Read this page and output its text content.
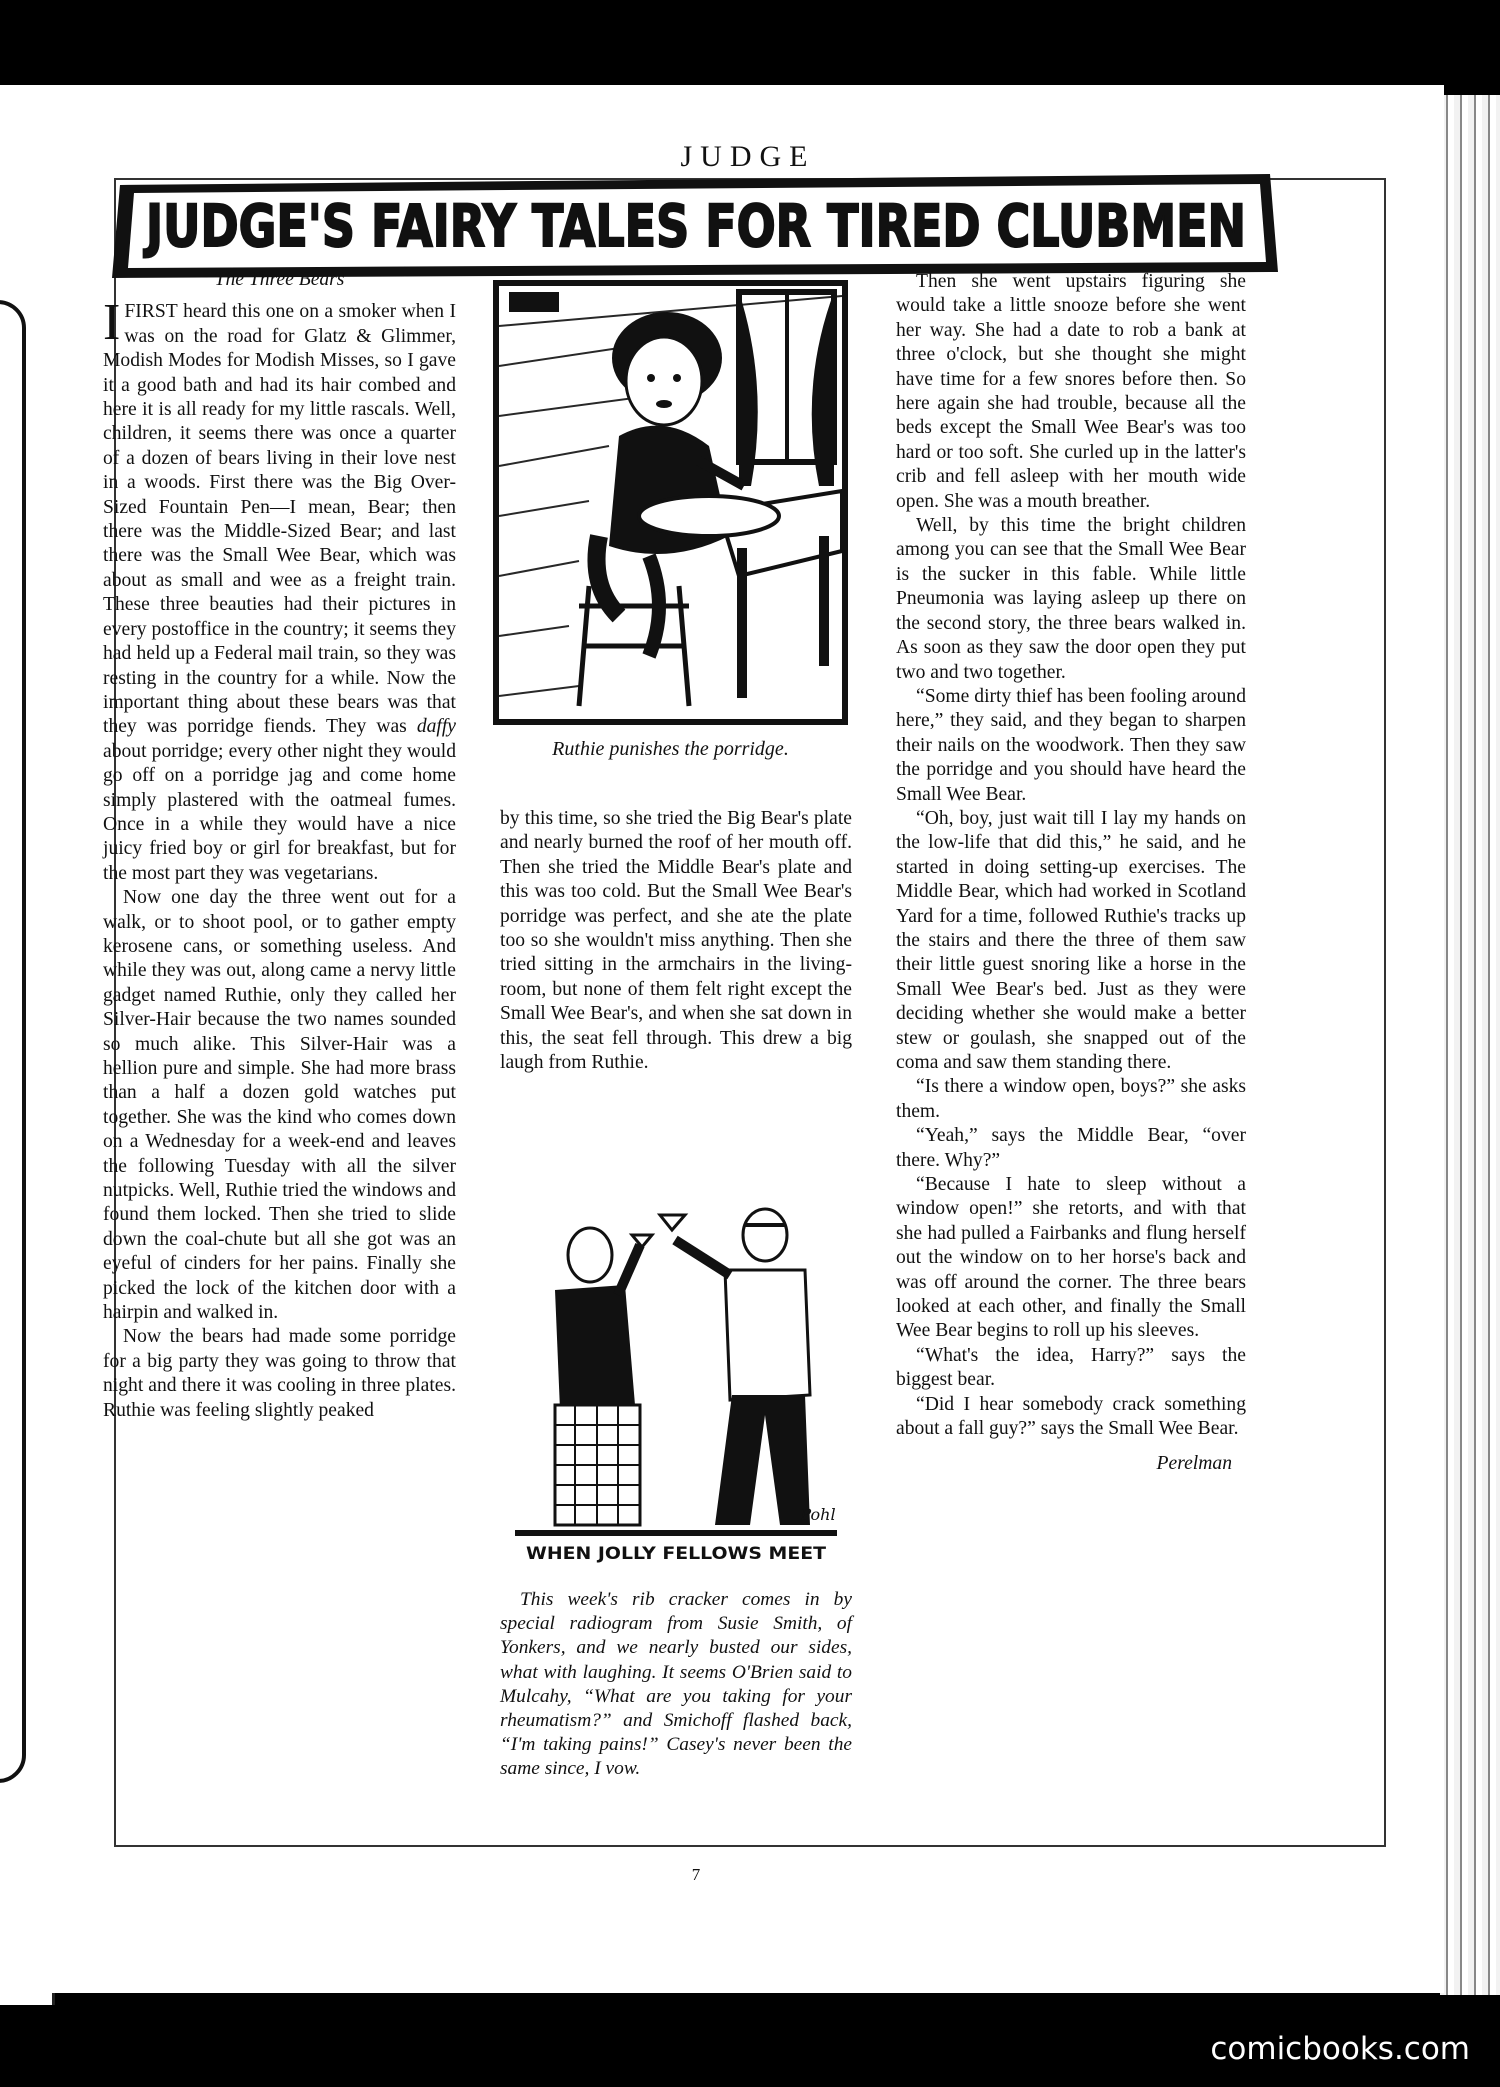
JUDGE
JUDGE'S FAIRY TALES FOR TIRED CLUBMEN
The Three Bears

IFIRST heard this one on a smoker when I was on the road for Glatz & Glimmer, Modish Modes for Modish Misses, so I gave it a good bath and had its hair combed and here it is all ready for my little rascals. Well, children, it seems there was once a quarter of a dozen of bears living in their love nest in a woods. First there was the Big Over-Sized Fountain Pen—I mean, Bear; then there was the Middle-Sized Bear; and last there was the Small Wee Bear, which was about as small and wee as a freight train. These three beauties had their pictures in every postoffice in the country; it seems they had held up a Federal mail train, so they was resting in the country for a while. Now the important thing about these bears was that they was porridge fiends. They was daffy about porridge; every other night they would go off on a porridge jag and come home simply plastered with the oatmeal fumes. Once in a while they would have a nice juicy fried boy or girl for breakfast, but for the most part they was vegetarians.

Now one day the three went out for a walk, or to shoot pool, or to gather empty kerosene cans, or something useless. And while they was out, along came a nervy little gadget named Ruthie, only they called her Silver-Hair because the two names sounded so much alike. This Silver-Hair was a hellion pure and simple. She had more brass than a half a dozen gold watches put together. She was the kind who comes down on a Wednesday for a week-end and leaves the following Tuesday with all the silver nutpicks. Well, Ruthie tried the windows and found them locked. Then she tried to slide down the coal-chute but all she got was an eyeful of cinders for her pains. Finally she picked the lock of the kitchen door with a hairpin and walked in.

Now the bears had made some porridge for a big party they was going to throw that night and there it was cooling in three plates. Ruthie was feeling slightly peaked

Ruthie punishes the porridge.

by this time, so she tried the Big Bear's plate and nearly burned the roof of her mouth off. Then she tried the Middle Bear's plate and this was too cold. But the Small Wee Bear's porridge was perfect, and she ate the plate too so she wouldn't miss anything. Then she tried sitting in the armchairs in the living-room, but none of them felt right except the Small Wee Bear's, and when she sat down in this, the seat fell through. This drew a big laugh from Ruthie.

Pohl
WHEN JOLLY FELLOWS MEET

This week's rib cracker comes in by special radiogram from Susie Smith, of Yonkers, and we nearly busted our sides, what with laughing. It seems O'Brien said to Mulcahy, “What are you taking for your rheumatism?” and Smichoff flashed back, “I'm taking pains!” Casey's never been the same since, I vow.

Then she went upstairs figuring she would take a little snooze before she went her way. She had a date to rob a bank at three o'clock, but she thought she might have time for a few snores before then. So here again she had trouble, because all the beds except the Small Wee Bear's was too hard or too soft. She curled up in the latter's crib and fell asleep with her mouth wide open. She was a mouth breather.

Well, by this time the bright children among you can see that the Small Wee Bear is the sucker in this fable. While little Pneumonia was laying asleep up there on the second story, the three bears walked in. As soon as they saw the door open they put two and two together.

“Some dirty thief has been fooling around here,” they said, and they began to sharpen their nails on the woodwork. Then they saw the porridge and you should have heard the Small Wee Bear.

“Oh, boy, just wait till I lay my hands on the low-life that did this,” he said, and he started in doing setting-up exercises. The Middle Bear, which had worked in Scotland Yard for a time, followed Ruthie's tracks up the stairs and there the three of them saw their little guest snoring like a horse in the Small Wee Bear's bed. Just as they were deciding whether she would make a better stew or goulash, she snapped out of the coma and saw them standing there.

“Is there a window open, boys?” she asks them.

“Yeah,” says the Middle Bear, “over there. Why?”

“Because I hate to sleep without a window open!” she retorts, and with that she had pulled a Fairbanks and flung herself out the window on to her horse's back and was off around the corner. The three bears looked at each other, and finally the Small Wee Bear begins to roll up his sleeves.

“What's the idea, Harry?” says the biggest bear.

“Did I hear somebody crack something about a fall guy?” says the Small Wee Bear.

Perelman
7
comicbooks.com
